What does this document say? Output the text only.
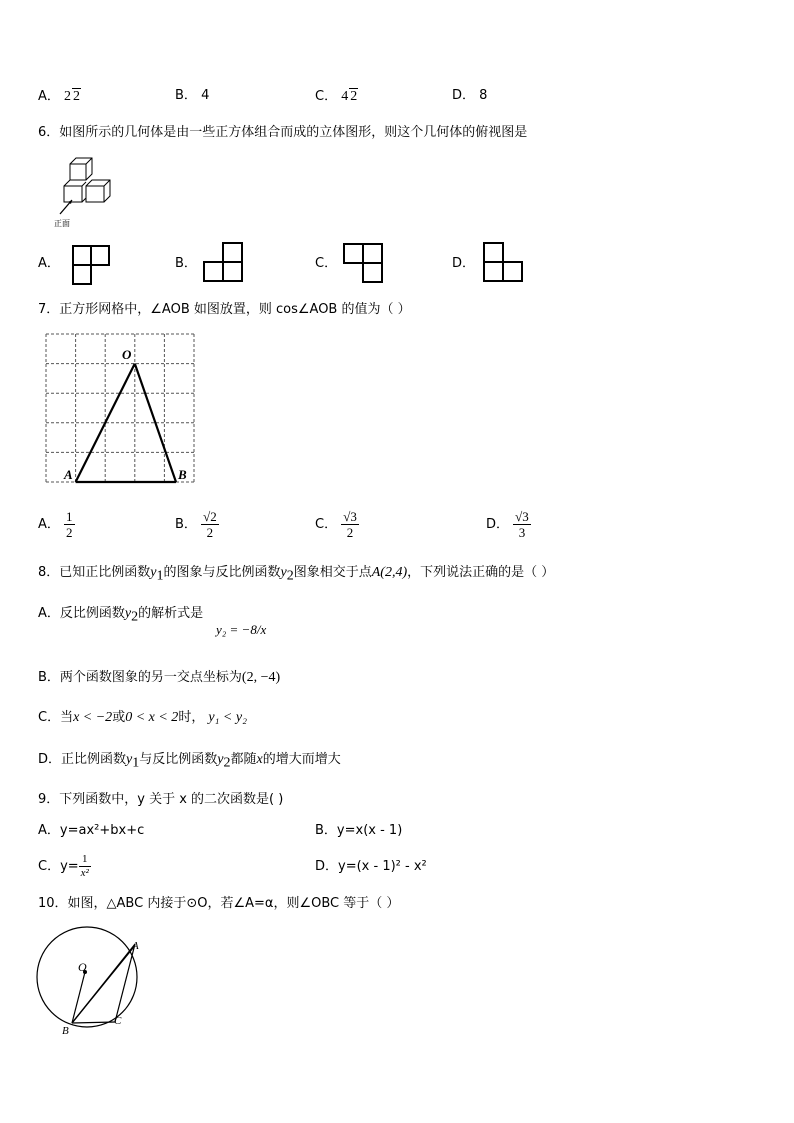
A． 2 2	B． 4	C． 4 2	D． 8
6．如图所示的几何体是由一些正方体组合而成的立体图形，则这个几何体的俯视图是
正面
A．	B．	C．	D．
7．正方形网格中，∠AOB 如图放置，则 cos∠AOB 的值为（ ）
O
A	B
A． $\frac{1}{2}$	B． $\frac{√2}{2}$	C． $\frac{√3}{2}$	D． $\frac{√3}{3}$
8．已知正比例函数$y_1$的图象与反比例函数$y_2$图象相交于点A(2,4)，下列说法正确的是（ ）
A．反比例函数$y_2$的解析式是
y₂ = −8/x
B．两个函数图象的另一交点坐标为(2, −4)
C．当x < −2或0 < x < 2时， y₁ < y₂
D．正比例函数$y_1$与反比例函数$y_2$都随x的增大而增大
9．下列函数中，y 关于 x 的二次函数是( )
A．y=ax²+bx+c	B．y=x(x - 1)
C．$y= \frac{1}{\text{x²}}$	D．y=(x - 1)² - x²
10．如图，△ABC 内接于⊙O，若∠A=α，则∠OBC 等于（ ）
O
A
B
C
